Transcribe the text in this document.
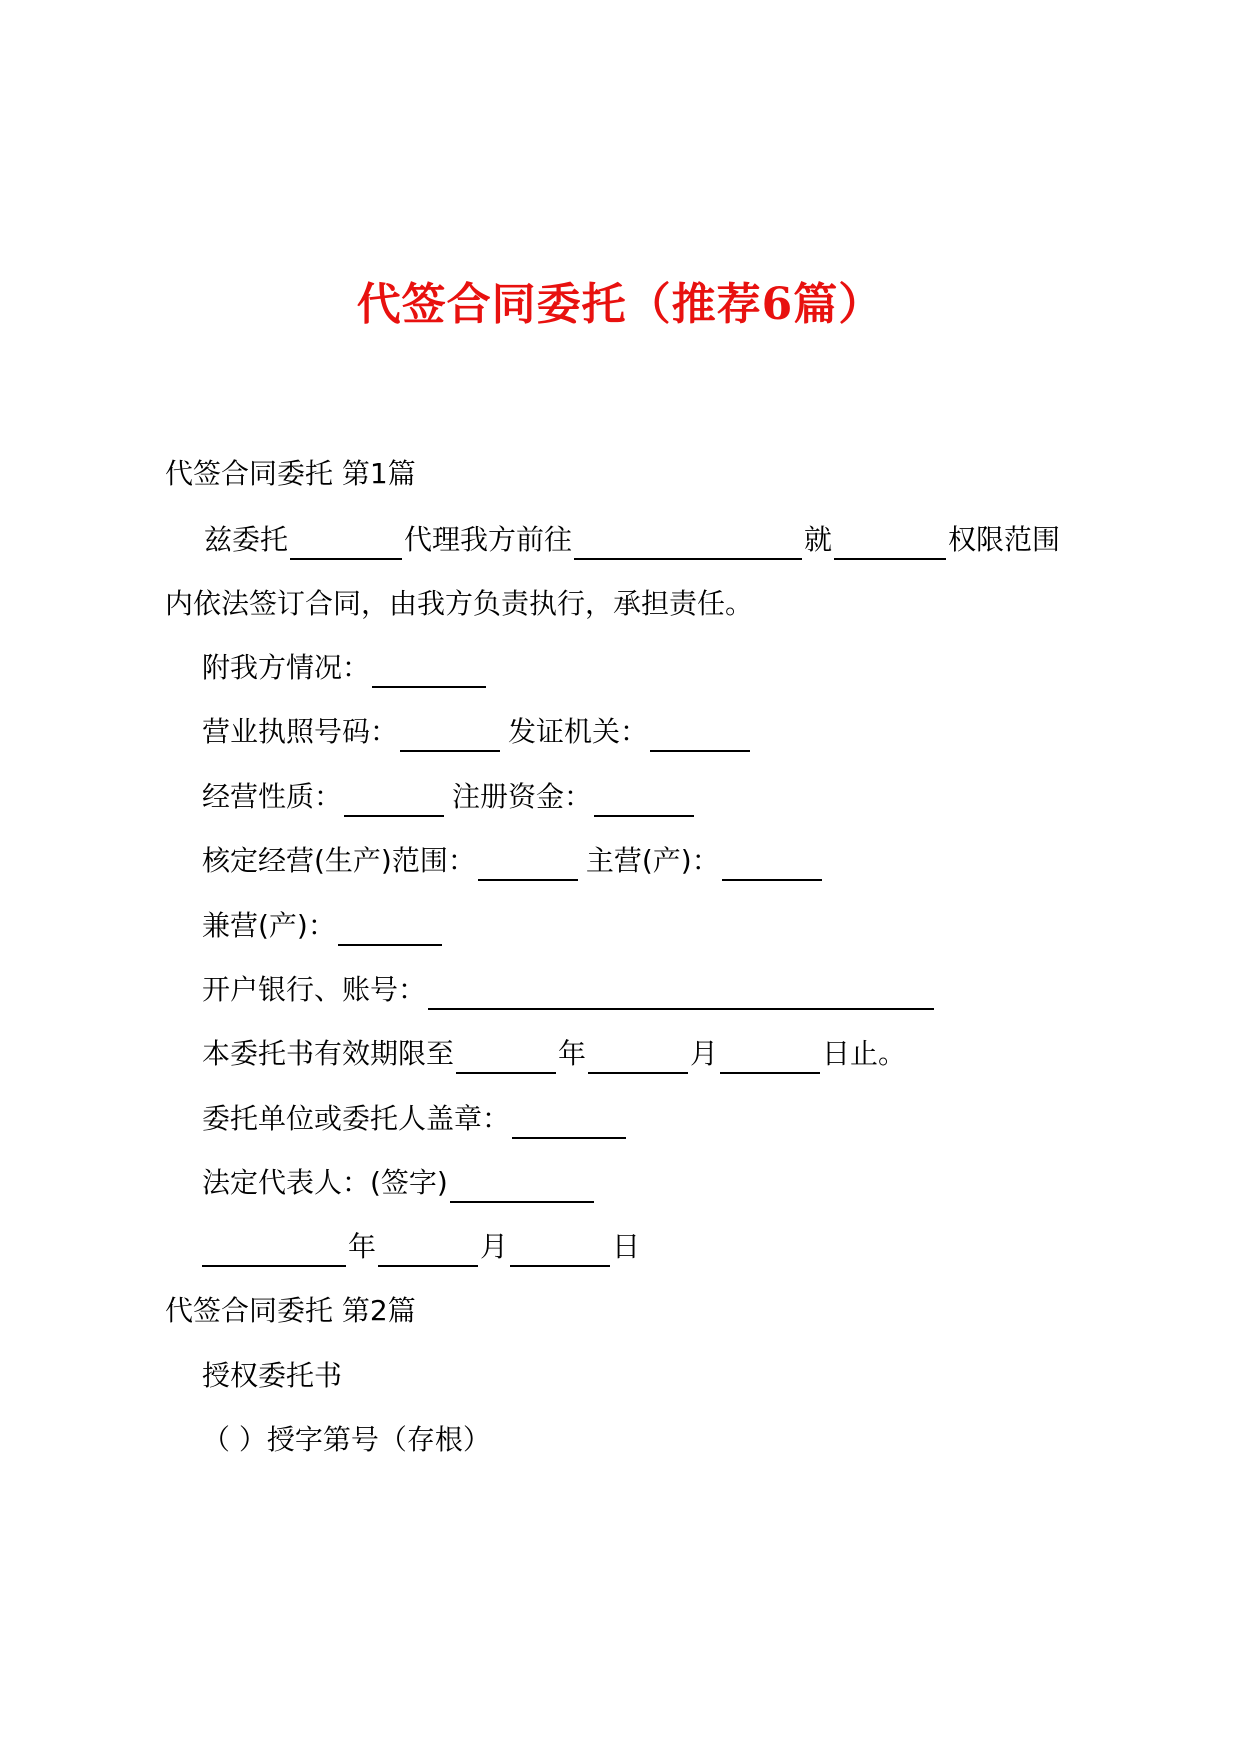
代签合同委托（推荐6篇）
代签合同委托 第1篇
兹委托	代理我方前往	就	权限范围
内依法签订合同，由我方负责执行，承担责任。
附我方情况：
营业执照号码：	发证机关：
经营性质：	注册资金：
核定经营(生产)范围：	主营(产)：
兼营(产)：
开户银行、账号：
本委托书有效期限至	年	月	日止。
委托单位或委托人盖章：
法定代表人：(签字)
年	月	日
代签合同委托 第2篇
授权委托书
（ ）授字第号（存根）
